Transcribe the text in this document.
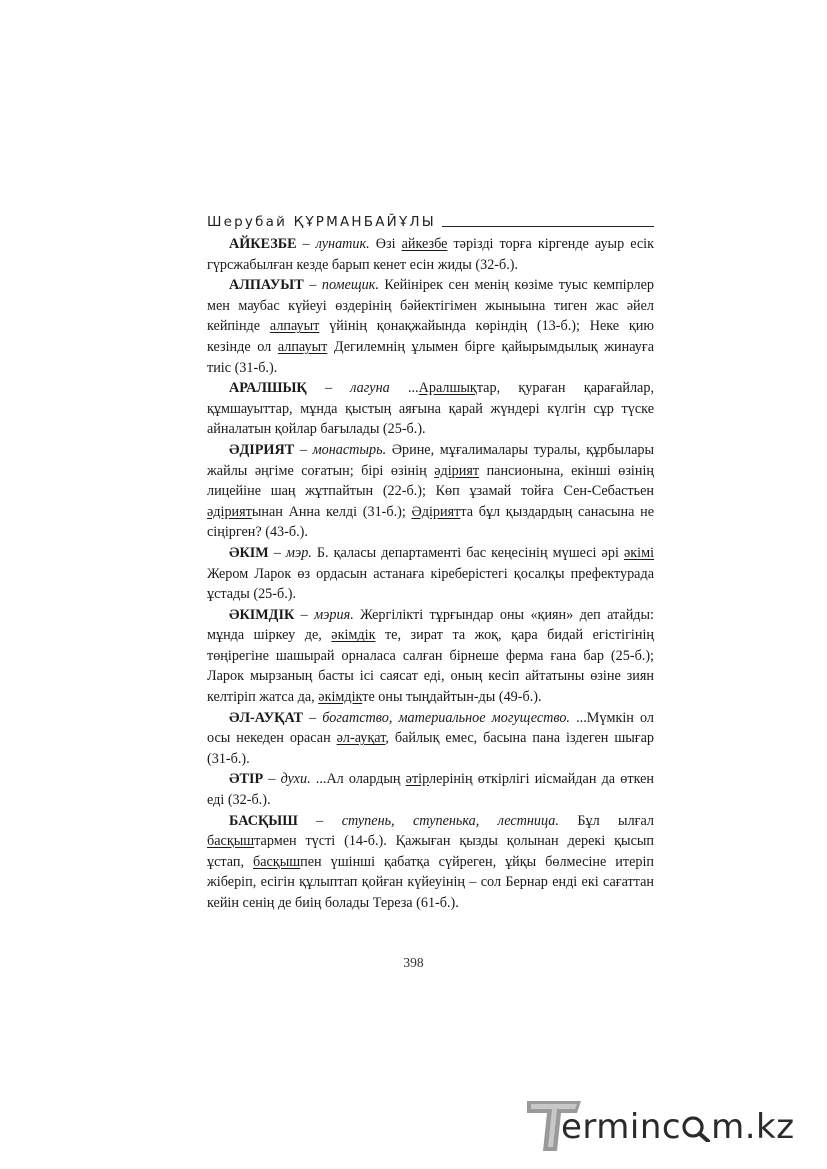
Шерубай ҚҰРМАНБАЙҰЛЫ

АЙКЕЗБЕ – лунатик. Өзі айкезбе тәрізді торға кіргенде ауыр есік гүрсжабылған кезде барып кенет есін жиды (32-б.).

АЛПАУЫТ – помещик. Кейінірек сен менің көзіме туыс кемпірлер мен маубас күйеуі өздерінің бәйектігімен жыныына тиген жас әйел кейпінде алпауыт үйінің қонақжайында көріндің (13-б.); Неке қию кезінде ол алпауыт Дегилемнің ұлымен бірге қайырымдылық жинауға тиіс (31-б.).

АРАЛШЫҚ – лагуна ...Аралшықтар, қураған қарағайлар, құмшауыттар, мұнда қыстың аяғына қарай жүндері күлгін сұр түске айналатын қойлар бағылады (25-б.).

ӘДІРИЯТ – монастырь. Әрине, мұғалималары туралы, құрбылары жайлы әңгіме соғатын; бірі өзінің әдірият пансионына, екінші өзінің лицейіне шаң жұтпайтын (22-б.); Көп ұзамай тойға Сен-Себастьен әдіриятынан Анна келді (31-б.); Әдіриятта бұл қыздардың санасына не сіңірген? (43-б.).

ӘКІМ – мэр. Б. қаласы департаменті бас кеңесінің мүшесі әрі әкімі Жером Ларок өз ордасын астанаға кіреберістегі қосалқы префектурада ұстады (25-б.).

ӘКІМДІК – мэрия. Жергілікті тұрғындар оны «қиян» деп атайды: мұнда шіркеу де, әкімдік те, зират та жоқ, қара бидай егістігінің төңірегіне шашырай орналаса салған бірнеше ферма ғана бар (25-б.); Ларок мырзаның басты ісі саясат еді, оның кесіп айтатыны өзіне зиян келтіріп жатса да, әкімдікте оны тыңдайтын-ды (49-б.).

ӘЛ-АУҚАТ – богатство, материальное могущество. ...Мүмкін ол осы некеден орасан әл-ауқат, байлық емес, басына пана іздеген шығар (31-б.).

ӘТІР – духи. ...Ал олардың әтірлерінің өткірлігі иісмайдан да өткен еді (32-б.).

БАСҚЫШ – ступень, ступенька, лестница. Бұл ылғал басқыштармен түсті (14-б.). Қажыған қызды қолынан дерекі қысып ұстап, басқышпен үшінші қабатқа сүйреген, ұйқы бөлмесіне итеріп жіберіп, есігін құлыптап қойған күйеуінің – сол Бернар енді екі сағаттан кейін сенің де биің болады Тереза (61-б.).

398
erminc m.kz
